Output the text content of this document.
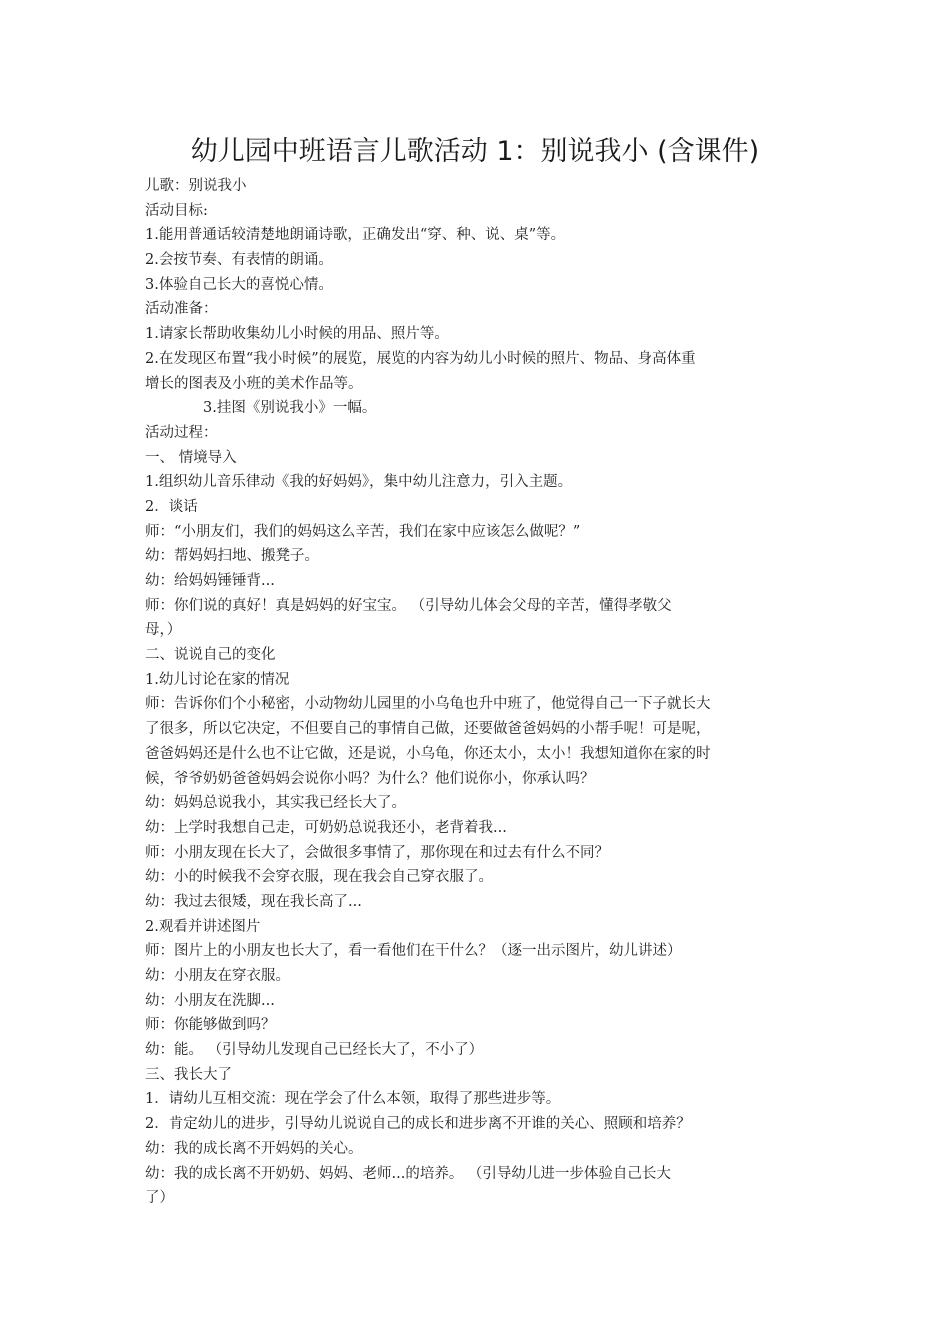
幼儿园中班语言儿歌活动 1：别说我小 (含课件)
儿歌：别说我小
活动目标:
1.能用普通话较清楚地朗诵诗歌，正确发出“穿、种、说、桌”等。
2.会按节奏、有表情的朗诵。
3.体验自己长大的喜悦心情。
活动准备：
1.请家长帮助收集幼儿小时候的用品、照片等。
2.在发现区布置“我小时候”的展览，展览的内容为幼儿小时候的照片、物品、身高体重
增长的图表及小班的美术作品等。
3.挂图《别说我小》一幅。
活动过程：
一、 情境导入
1.组织幼儿音乐律动《我的好妈妈》，集中幼儿注意力，引入主题。
2．谈话
师：“小朋友们，我们的妈妈这么辛苦，我们在家中应该怎么做呢？”
幼：帮妈妈扫地、搬凳子。
幼：给妈妈锤锤背...
师：你们说的真好！真是妈妈的好宝宝。 （引导幼儿体会父母的辛苦，懂得孝敬父
母，）
二、说说自己的变化
1.幼儿讨论在家的情况
师：告诉你们个小秘密，小动物幼儿园里的小乌龟也升中班了，他觉得自己一下子就长大
了很多，所以它决定，不但要自己的事情自己做，还要做爸爸妈妈的小帮手呢！可是呢，
爸爸妈妈还是什么也不让它做，还是说，小乌龟，你还太小，太小！我想知道你在家的时
候，爷爷奶奶爸爸妈妈会说你小吗？为什么？他们说你小，你承认吗？
幼：妈妈总说我小，其实我已经长大了。
幼：上学时我想自己走，可奶奶总说我还小，老背着我...
师：小朋友现在长大了，会做很多事情了，那你现在和过去有什么不同？
幼：小的时候我不会穿衣服，现在我会自己穿衣服了。
幼：我过去很矮，现在我长高了...
2.观看并讲述图片
师：图片上的小朋友也长大了，看一看他们在干什么？（逐一出示图片，幼儿讲述）
幼：小朋友在穿衣服。
幼：小朋友在洗脚...
师：你能够做到吗？
幼：能。 （引导幼儿发现自己已经长大了，不小了）
三、我长大了
1．请幼儿互相交流：现在学会了什么本领，取得了那些进步等。
2．肯定幼儿的进步，引导幼儿说说自己的成长和进步离不开谁的关心、照顾和培养？
幼：我的成长离不开妈妈的关心。
幼：我的成长离不开奶奶、妈妈、老师...的培养。 （引导幼儿进一步体验自己长大
了）
